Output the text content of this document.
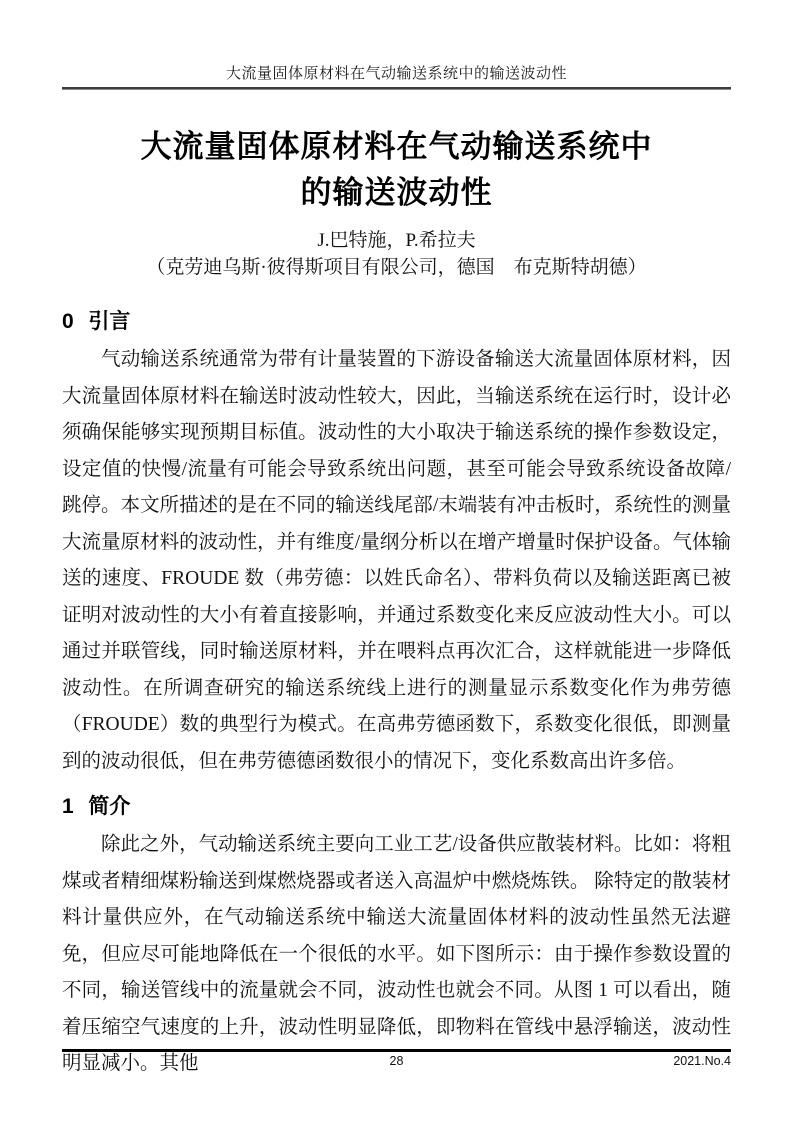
大流量固体原材料在气动输送系统中的输送波动性
大流量固体原材料在气动输送系统中
的输送波动性
J.巴特施，P.希拉夫
（克劳迪乌斯·彼得斯项目有限公司，德国　布克斯特胡德）
0 引言

气动输送系统通常为带有计量装置的下游设备输送大流量固体原材料，因大流量固体原材料在输送时波动性较大，因此，当输送系统在运行时，设计必须确保能够实现预期目标值。波动性的大小取决于输送系统的操作参数设定，设定值的快慢/流量有可能会导致系统出问题，甚至可能会导致系统设备故障/跳停。本文所描述的是在不同的输送线尾部/末端装有冲击板时，系统性的测量大流量原材料的波动性，并有维度/量纲分析以在增产增量时保护设备。气体输送的速度、FROUDE 数（弗劳德：以姓氏命名）、带料负荷以及输送距离已被证明对波动性的大小有着直接影响，并通过系数变化来反应波动性大小。可以通过并联管线，同时输送原材料，并在喂料点再次汇合，这样就能进一步降低波动性。在所调查研究的输送系统线上进行的测量显示系数变化作为弗劳德（FROUDE）数的典型行为模式。在高弗劳德函数下，系数变化很低，即测量到的波动很低，但在弗劳德德函数很小的情况下，变化系数高出许多倍。

1 简介

除此之外，气动输送系统主要向工业工艺/设备供应散装材料。比如：将粗煤或者精细煤粉输送到煤燃烧器或者送入高温炉中燃烧炼铁。 除特定的散装材料计量供应外，在气动输送系统中输送大流量固体材料的波动性虽然无法避免，但应尽可能地降低在一个很低的水平。如下图所示：由于操作参数设置的不同，输送管线中的流量就会不同，波动性也就会不同。从图 1 可以看出，随着压缩空气速度的上升，波动性明显降低，即物料在管线中悬浮输送，波动性明显减小。其他	28	2021.No.4
